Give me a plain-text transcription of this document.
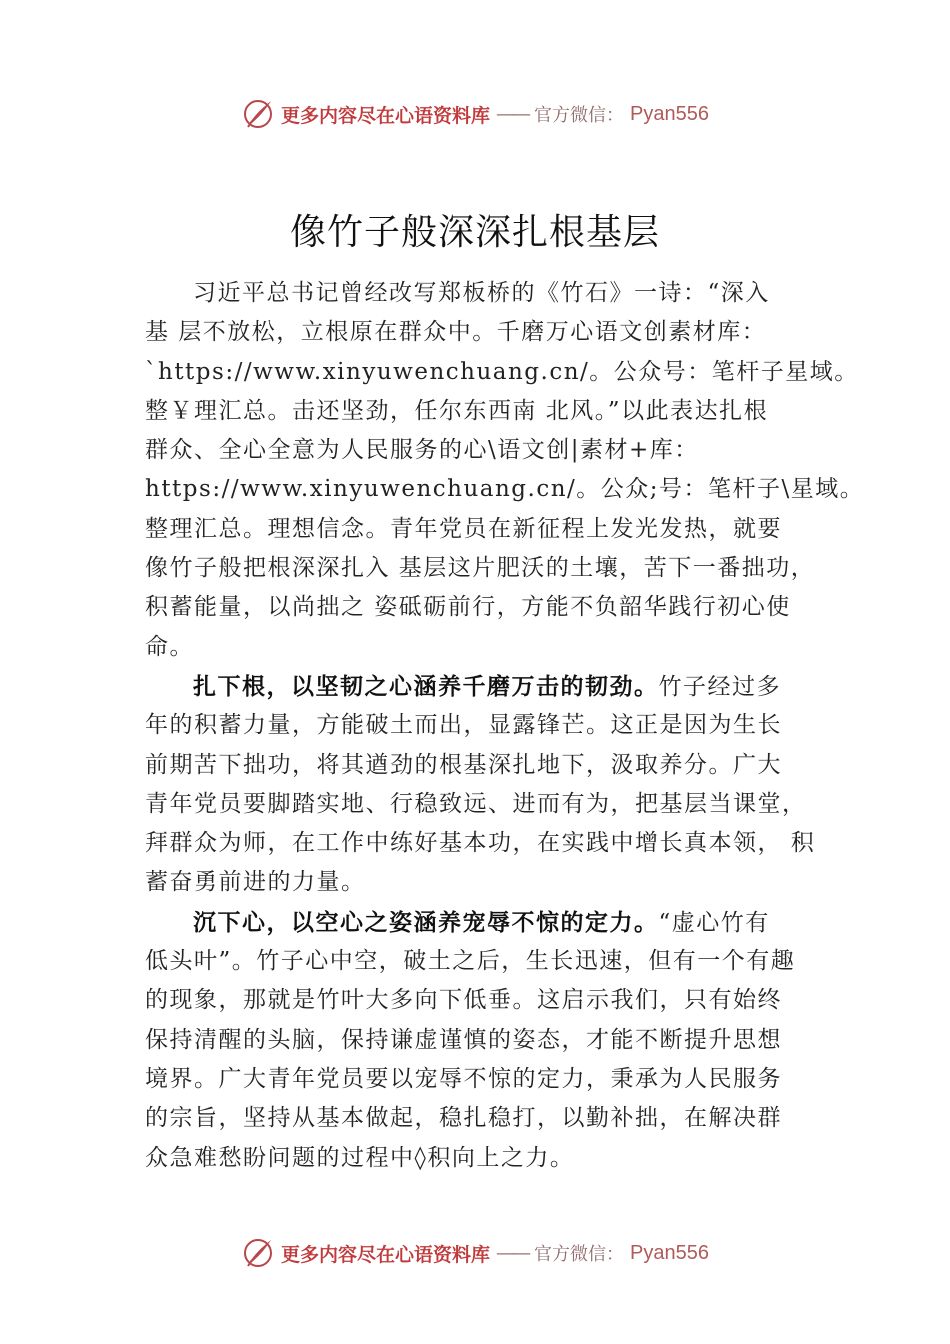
更多内容尽在心语资料库 —— 官方微信： Pyan556
像竹子般深深扎根基层
习近平总书记曾经改写郑板桥的《竹石》一诗：“深入
基 层不放松，立根原在群众中。千磨万心语文创素材库：
`https://www.xinyuwenchuang.cn/。公众号：笔杆子星域。
整￥理汇总。击还坚劲，任尔东西南 北风。”以此表达扎根
群众、全心全意为人民服务的心\语文创|素材+库：
https://www.xinyuwenchuang.cn/。公众;号：笔杆子\星域。
整理汇总。理想信念。青年党员在新征程上发光发热，就要
像竹子般把根深深扎入 基层这片肥沃的土壤，苦下一番拙功，
积蓄能量，以尚拙之 姿砥砺前行，方能不负韶华践行初心使
命。
扎下根，以坚韧之心涵养千磨万击的韧劲。竹子经过多
年的积蓄力量，方能破土而出，显露锋芒。这正是因为生长
前期苦下拙功，将其遒劲的根基深扎地下，汲取养分。广大
青年党员要脚踏实地、行稳致远、进而有为，把基层当课堂，
拜群众为师，在工作中练好基本功，在实践中增长真本领， 积
蓄奋勇前进的力量。
沉下心，以空心之姿涵养宠辱不惊的定力。“虚心竹有
低头叶”。竹子心中空，破土之后，生长迅速，但有一个有趣
的现象，那就是竹叶大多向下低垂。这启示我们，只有始终
保持清醒的头脑，保持谦虚谨慎的姿态，才能不断提升思想
境界。广大青年党员要以宠辱不惊的定力，秉承为人民服务
的宗旨，坚持从基本做起，稳扎稳打，以勤补拙，在解决群
众急难愁盼问题的过程中◊积向上之力。
更多内容尽在心语资料库 —— 官方微信： Pyan556
